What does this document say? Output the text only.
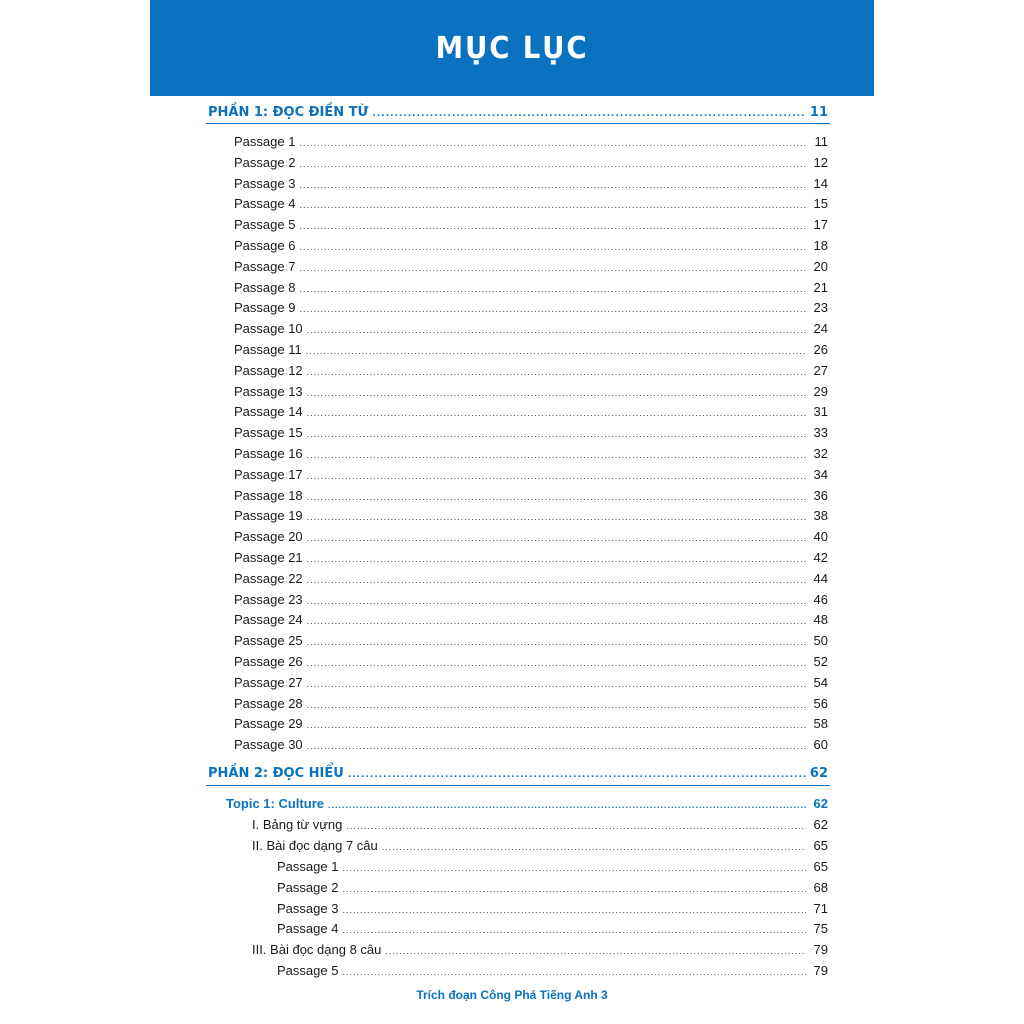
MỤC LỤC
PHẦN 1: ĐỌC ĐIỀN TỪ .....	11
Passage 1 .....	11
Passage 2 .....	12
Passage 3 .....	14
Passage 4 .....	15
Passage 5 .....	17
Passage 6 .....	18
Passage 7 .....	20
Passage 8 .....	21
Passage 9 .....	23
Passage 10 .....	24
Passage 11 .....	26
Passage 12 .....	27
Passage 13 .....	29
Passage 14 .....	31
Passage 15 .....	33
Passage 16 .....	32
Passage 17 .....	34
Passage 18 .....	36
Passage 19 .....	38
Passage 20 .....	40
Passage 21 .....	42
Passage 22 .....	44
Passage 23 .....	46
Passage 24 .....	48
Passage 25 .....	50
Passage 26 .....	52
Passage 27 .....	54
Passage 28 .....	56
Passage 29 .....	58
Passage 30 .....	60
PHẦN 2: ĐỌC HIỂU .....	62
Topic 1: Culture .....	62
I. Bảng từ vựng .....	62
II. Bài đọc dạng 7 câu .....	65
Passage 1 .....	65
Passage 2 .....	68
Passage 3 .....	71
Passage 4 .....	75
III. Bài đọc dạng 8 câu .....	79
Passage 5 .....	79
Trích đoạn Công Phá Tiếng Anh 3
